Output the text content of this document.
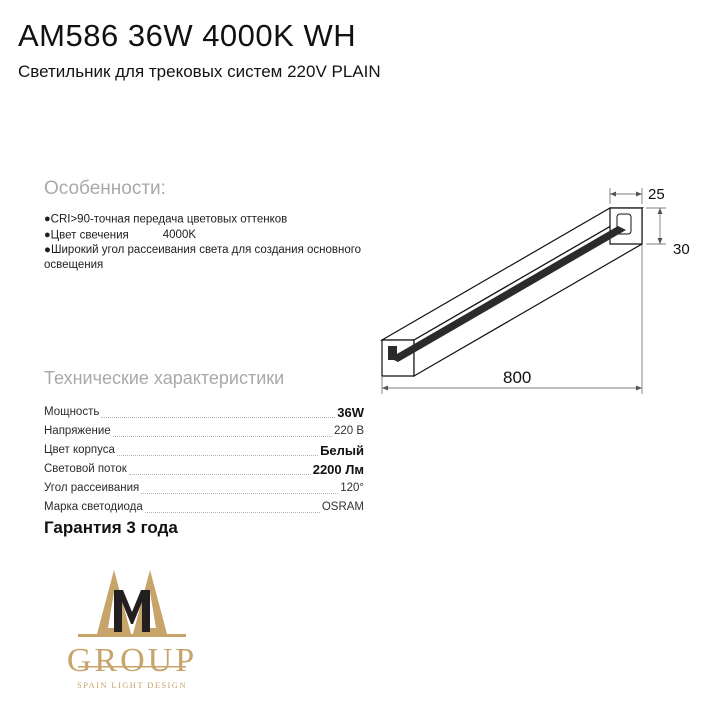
AM586 36W 4000K WH
Светильник для трековых систем 220V PLAIN
Особенности:
●CRI>90-точная передача цветовых оттенков
●Цвет свечения	4000K
●Широкий угол рассеивания света для создания основного освещения
Технические характеристики
Мощность	36W
Напряжение	220 В
Цвет корпуса	Белый
Световой поток	2200 Лм
Угол рассеивания	120°
Марка светодиода	OSRAM
Гарантия 3 года
25
30
800
GROUP
SPAIN LIGHT DESIGN
